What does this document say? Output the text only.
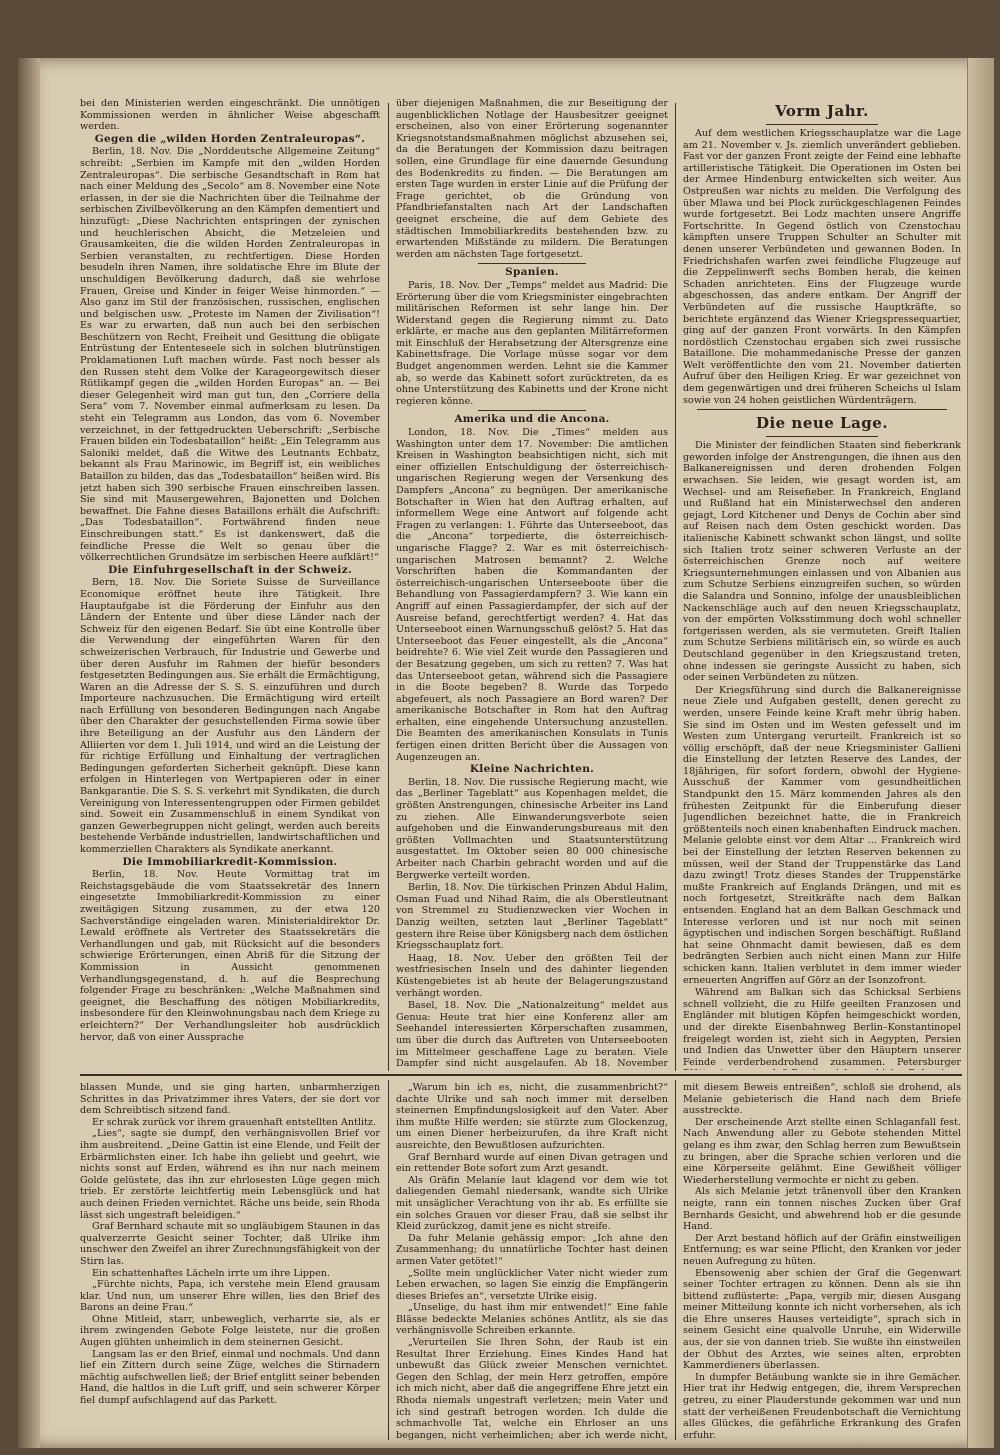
bei den Ministerien werden eingeschränkt. Die unnötigen Kommissionen werden in ähnlicher Weise abgeschafft werden.

Gegen die „wilden Horden Zentraleuropas“.

Berlin, 18. Nov. Die „Norddeutsche Allgemeine Zeitung“ schreibt: „Serbien im Kampfe mit den „wilden Horden Zentraleuropas“. Die serbische Gesandtschaft in Rom hat nach einer Meldung des „Secolo“ am 8. November eine Note erlassen, in der sie die Nachrichten über die Teilnahme der serbischen Zivilbevölkerung an den Kämpfen dementiert und hinzufügt: „Diese Nachrichten entspringen der zynischen und heuchlerischen Absicht, die Metzeleien und Grausamkeiten, die die wilden Horden Zentraleuropas in Serbien veranstalten, zu rechtfertigen. Diese Horden besudeln ihren Namen, ihre soldatische Ehre im Blute der unschuldigen Bevölkerung dadurch, daß sie wehrlose Frauen, Greise und Kinder in feiger Weise hinmorden.“ — Also ganz im Stil der französischen, russischen, englischen und belgischen usw. „Proteste im Namen der Zivilisation“! Es war zu erwarten, daß nun auch bei den serbischen Beschützern von Recht, Freiheit und Gesittung die obligate Entrüstung der Ententeseele sich in solchen blutrünstigen Proklamationen Luft machen würde. Fast noch besser als den Russen steht dem Volke der Karageorgewitsch dieser Rütlikampf gegen die „wilden Horden Europas“ an. — Bei dieser Gelegenheit wird man gut tun, den „Corriere della Sera“ vom 7. November einmal aufmerksam zu lesen. Da steht ein Telegramm aus London, das vom 6. November verzeichnet, in der fettgedruckten Ueberschrift: „Serbische Frauen bilden ein Todesbataillon“ heißt: „Ein Telegramm aus Saloniki meldet, daß die Witwe des Leutnants Echbatz, bekannt als Frau Marinowic, im Begriff ist, ein weibliches Bataillon zu bilden, das das „Todesbataillon“ heißen wird. Bis jetzt haben sich 390 serbische Frauen einschreiben lassen. Sie sind mit Mausergewehren, Bajonetten und Dolchen bewaffnet. Die Fahne dieses Bataillons erhält die Aufschrift: „Das Todesbataillon“. Fortwährend finden neue Einschreibungen statt.“ Es ist dankenswert, daß die feindliche Presse die Welt so genau über die völkerrechtlichen Grundsätze im serbischen Heere aufklärt!“

Die Einfuhrgesellschaft in der Schweiz.

Bern, 18. Nov. Die Soriete Suisse de Surveillance Economique eröffnet heute ihre Tätigkeit. Ihre Hauptaufgabe ist die Förderung der Einfuhr aus den Ländern der Entente und über diese Länder nach der Schweiz für den eigenen Bedarf. Sie übt eine Kontrolle über die Verwendung der eingeführten Waren für den schweizerischen Verbrauch, für Industrie und Gewerbe und über deren Ausfuhr im Rahmen der hiefür besonders festgesetzten Bedingungen aus. Sie erhält die Ermächtigung, Waren an die Adresse der S. S. S. einzuführen und durch Importeure nachzusuchen. Die Ermächtigung wird erteilt nach Erfüllung von besonderen Bedingungen nach Angabe über den Charakter der gesuchstellenden Firma sowie über ihre Beteiligung an der Ausfuhr aus den Ländern der Alliierten vor dem 1. Juli 1914, und wird an die Leistung der für richtige Erfüllung und Einhaltung der vertraglichen Bedingungen geforderten Sicherheit geknüpft. Diese kann erfolgen in Hinterlegen von Wertpapieren oder in einer Bankgarantie. Die S. S. S. verkehrt mit Syndikaten, die durch Vereinigung von Interessentengruppen oder Firmen gebildet sind. Soweit ein Zusammenschluß in einem Syndikat von ganzen Gewerbegruppen nicht gelingt, werden auch bereits bestehende Verbände industriellen, landwirtschaftlichen und kommerziellen Charakters als Syndikate anerkannt.

Die Immobiliarkredit-Kommission.

Berlin, 18. Nov. Heute Vormittag trat im Reichstagsgebäude die vom Staatssekretär des Innern eingesetzte Immobiliarkredit-Kommission zu einer zweitägigen Sitzung zusammen, zu der etwa 120 Sachverständige eingeladen waren. Ministerialdirektor Dr. Lewald eröffnete als Vertreter des Staatssekretärs die Verhandlungen und gab, mit Rücksicht auf die besonders schwierige Erörterungen, einen Abriß für die Sitzung der Kommission in Aussicht genommenen Verhandlungsgegenstand, d. h. auf die Besprechung folgender Frage zu beschränken: „Welche Maßnahmen sind geeignet, die Beschaffung des nötigen Mobiliarkredits, insbesondere für den Kleinwohnungsbau nach dem Kriege zu erleichtern?“ Der Verhandlungsleiter hob ausdrücklich hervor, daß von einer Aussprache

über diejenigen Maßnahmen, die zur Beseitigung der augenblicklichen Notlage der Hausbesitzer geeignet erscheinen, also von einer Erörterung sogenannter Kriegsnotstandsmaßnahmen möglichst abzusehen sei, da die Beratungen der Kommission dazu beitragen sollen, eine Grundlage für eine dauernde Gesundung des Bodenkredits zu finden. — Die Beratungen am ersten Tage wurden in erster Linie auf die Prüfung der Frage gerichtet, ob die Gründung von Pfandbriefanstalten nach Art der Landschaften geeignet erscheine, die auf dem Gebiete des städtischen Immobiliarkredits bestehenden bzw. zu erwartenden Mißstände zu mildern. Die Beratungen werden am nächsten Tage fortgesetzt.

Spanien.

Paris, 18. Nov. Der „Temps“ meldet aus Madrid: Die Erörterung über die vom Kriegsminister eingebrachten militärischen Reformen ist sehr lange hin. Der Widerstand gegen die Regierung nimmt zu. Dato erklärte, er mache aus den geplanten Militärreformen mit Einschluß der Herabsetzung der Altersgrenze eine Kabinettsfrage. Die Vorlage müsse sogar vor dem Budget angenommen werden. Lehnt sie die Kammer ab, so werde das Kabinett sofort zurücktreten, da es ohne Unterstützung des Kabinetts und der Krone nicht regieren könne.

Amerika und die Ancona.

London, 18. Nov. Die „Times“ melden aus Washington unter dem 17. November: Die amtlichen Kreisen in Washington beabsichtigen nicht, sich mit einer offiziellen Entschuldigung der österreichisch-ungarischen Regierung wegen der Versenkung des Dampfers „Ancona“ zu begnügen. Der amerikanische Botschafter in Wien hat den Auftrag erhalten, auf informellem Wege eine Antwort auf folgende acht Fragen zu verlangen: 1. Führte das Unterseeboot, das die „Ancona“ torpedierte, die österreichisch-ungarische Flagge? 2. War es mit österreichisch-ungarischen Matrosen bemannt? 2. Welche Vorschriften haben die Kommandanten der österreichisch-ungarischen Unterseeboote über die Behandlung von Passagierdampfern? 3. Wie kann ein Angriff auf einen Passagierdampfer, der sich auf der Ausreise befand, gerechtfertigt werden? 4. Hat das Unterseeboot einen Warnungsschuß gelöst? 5. Hat das Unterseeboot das Feuer eingestellt, als die „Ancona“ beidrehte? 6. Wie viel Zeit wurde den Passagieren und der Besatzung gegeben, um sich zu retten? 7. Was hat das Unterseeboot getan, während sich die Passagiere in die Boote begeben? 8. Wurde das Torpedo abgefeuert, als noch Passagiere an Bord waren? Der amerikanische Botschafter in Rom hat den Auftrag erhalten, eine eingehende Untersuchung anzustellen. Die Beamten des amerikanischen Konsulats in Tunis fertigen einen dritten Bericht über die Aussagen von Augenzeugen an.

Kleine Nachrichten.

Berlin, 18. Nov. Die russische Regierung macht, wie das „Berliner Tageblatt“ aus Kopenhagen meldet, die größten Anstrengungen, chinesische Arbeiter ins Land zu ziehen. Alle Einwanderungsverbote seien aufgehoben und die Einwanderungsbureaus mit den größten Vollmachten und Staatsunterstützung ausgestattet. Im Oktober seien 80 000 chinesische Arbeiter nach Charbin gebracht worden und auf die Bergwerke verteilt worden.

Berlin, 18. Nov. Die türkischen Prinzen Abdul Halim, Osman Fuad und Nihad Raim, die als Oberstleutnant von Stremmel zu Studienzwecken vier Wochen in Danzig weilten, setzten laut „Berliner Tageblatt“ gestern ihre Reise über Königsberg nach dem östlichen Kriegsschauplatz fort.

Haag, 18. Nov. Ueber den größten Teil der westfriesischen Inseln und des dahinter liegenden Küstengebietes ist ab heute der Belagerungszustand verhängt worden.

Basel, 18. Nov. Die „Nationalzeitung“ meldet aus Genua: Heute trat hier eine Konferenz aller am Seehandel interessierten Körperschaften zusammen, um über die durch das Auftreten von Unterseebooten im Mittelmeer geschaffene Lage zu beraten. Viele Dampfer sind nicht ausgelaufen. Ab 18. November

Vorm Jahr.

Auf dem westlichen Kriegsschauplatze war die Lage am 21. November v. Js. ziemlich unverändert geblieben. Fast vor der ganzen Front zeigte der Feind eine lebhafte artilleristische Tätigkeit. Die Operationen im Osten bei der Armee Hindenburg entwickelten sich weiter. Aus Ostpreußen war nichts zu melden. Die Verfolgung des über Mlawa und bei Plock zurückgeschlagenen Feindes wurde fortgesetzt. Bei Lodz machten unsere Angriffe Fortschritte. In Gegend östlich von Czenstochau kämpften unsere Truppen Schulter an Schulter mit denen unserer Verbündeten und gewannen Boden. In Friedrichshafen warfen zwei feindliche Flugzeuge auf die Zeppelinwerft sechs Bomben herab, die keinen Schaden anrichteten. Eins der Flugzeuge wurde abgeschossen, das andere entkam. Der Angriff der Verbündeten auf die russische Hauptkräfte, so berichtete ergänzend das Wiener Kriegspressequartier, ging auf der ganzen Front vorwärts. In den Kämpfen nordöstlich Czenstochau ergaben sich zwei russische Bataillone. Die mohammedanische Presse der ganzen Welt veröffentlichte den vom 21. November datierten Aufruf über den Heiligen Krieg. Er war gezeichnet von dem gegenwärtigen und drei früheren Scheichs ul Islam sowie von 24 hohen geistlichen Würdenträgern.

Die neue Lage.

Die Minister der feindlichen Staaten sind fieberkrank geworden infolge der Anstrengungen, die ihnen aus den Balkanereignissen und deren drohenden Folgen erwachsen. Sie leiden, wie gesagt worden ist, am Wechsel- und am Reisefieber. In Frankreich, England und Rußland hat ein Ministerwechsel den anderen gejagt, Lord Kitchener und Denys de Cochin aber sind auf Reisen nach dem Osten geschickt worden. Das italienische Kabinett schwankt schon längst, und sollte sich Italien trotz seiner schweren Verluste an der österreichischen Grenze noch auf weitere Kriegsunternehmungen einlassen und von Albanien aus zum Schutze Serbiens einzugreifen suchen, so würden die Salandra und Sonnino, infolge der unausbleiblichen Nackenschläge auch auf den neuen Kriegsschauplatz, von der empörten Volksstimmung doch wohl schneller fortgerissen werden, als sie vermuteten. Greift Italien zum Schutze Serbiens militärisch ein, so würde es auch Deutschland gegenüber in den Kriegszustand treten, ohne indessen sie geringste Aussicht zu haben, sich oder seinen Verbündeten zu nützen.

Der Kriegsführung sind durch die Balkanereignisse neue Ziele und Aufgaben gestellt, denen gerecht zu werden, unsere Feinde keine Kraft mehr übrig haben. Sie sind im Osten und im Westen gefesselt und im Westen zum Untergang verurteilt. Frankreich ist so völlig erschöpft, daß der neue Kriegsminister Gallieni die Einstellung der letzten Reserve des Landes, der 18jährigen, für sofort fordern, obwohl der Hygiene-Ausschuß der Kammer vom gesundheitlichen Standpunkt den 15. März kommenden Jahres als den frühesten Zeitpunkt für die Einberufung dieser Jugendlichen bezeichnet hatte, die in Frankreich größtenteils noch einen knabenhaften Eindruck machen. Melanie gelobte einst vor dem Altar ... Frankreich wird bei der Einstellung der letzten Reserven bekennen zu müssen, weil der Stand der Truppenstärke das Land dazu zwingt! Trotz dieses Standes der Truppenstärke mußte Frankreich auf Englands Drängen, und mit es noch fortgesetzt, Streitkräfte nach dem Balkan entsenden. England hat an dem Balkan Geschmack und Interesse verloren und ist nur noch mit seinen ägyptischen und indischen Sorgen beschäftigt. Rußland hat seine Ohnmacht damit bewiesen, daß es dem bedrängten Serbien auch nicht einen Mann zur Hilfe schicken kann. Italien verblutet in dem immer wieder erneuerten Angriffen auf Görz an der Isonzofront.

Während am Balkan sich das Schicksal Serbiens schnell vollzieht, die zu Hilfe geeilten Franzosen und Engländer mit blutigen Köpfen heimgeschickt worden, und der direkte Eisenbahnweg Berlin–Konstantinopel freigelegt worden ist, zieht sich in Aegypten, Persien und Indien das Unwetter über den Häuptern unserer Feinde verderbendrohend zusammen. Petersburger

blassen Munde, und sie ging harten, unbarmherzigen Schrittes in das Privatzimmer ihres Vaters, der sie dort vor dem Schreibtisch sitzend fand.

Er schrak zurück vor ihrem grauenhaft entstellten Antlitz.

„Lies“, sagte sie dumpf, den verhängnisvollen Brief vor ihm ausbreitend. „Deine Gattin ist eine Elende, und Feilt der Erbärmlichsten einer. Ich habe ihn geliebt und geehrt, wie nichts sonst auf Erden, während es ihn nur nach meinem Golde gelüstete, das ihn zur ehrlosesten Lüge gegen mich trieb. Er zerstörte leichtfertig mein Lebensglück und hat auch deinen Frieden vernichtet. Räche uns beide, sein Rhoda lässt sich ungestraft beleidigen.“

Graf Bernhard schaute mit so ungläubigem Staunen in das qualverzerrte Gesicht seiner Tochter, daß Ulrike ihm unschwer den Zweifel an ihrer Zurechnungsfähigkeit von der Stirn las.

Ein schattenhaftes Lächeln irrte um ihre Lippen.

„Fürchte nichts, Papa, ich verstehe mein Elend grausam klar. Und nun, um unserer Ehre willen, lies den Brief des Barons an deine Frau.“

Ohne Mitleid, starr, unbeweglich, verharrte sie, als er ihrem zwingenden Gebote Folge leistete, nur die großen Augen glühten unheimlich in dem steinernen Gesicht.

Langsam las er den Brief, einmal und nochmals. Und dann lief ein Zittern durch seine Züge, welches die Stirnadern mächtig aufschwellen ließ; der Brief entglitt seiner bebenden Hand, die haltlos in die Luft griff, und sein schwerer Körper fiel dumpf aufschlagend auf das Parkett.

„Warum bin ich es, nicht, die zusammenbricht?“ dachte Ulrike und sah noch immer mit derselben steinernen Empfindungslosigkeit auf den Vater. Aber ihm mußte Hilfe werden; sie stürzte zum Glockenzug, um einen Diener herbeizurufen, da ihre Kraft nicht ausreichte, den Bewußtlosen aufzurichten.

Graf Bernhard wurde auf einen Divan getragen und ein rettender Bote sofort zum Arzt gesandt.

Als Gräfin Melanie laut klagend vor dem wie tot daliegenden Gemahl niedersank, wandte sich Ulrike mit unsäglicher Verachtung von ihr ab. Es erfüllte sie ein solches Grauen vor dieser Frau, daß sie selbst ihr Kleid zurückzog, damit jene es nicht streife.

Da fuhr Melanie gehässig empor: „Ich ahne den Zusammenhang; du unnatürliche Tochter hast deinen armen Vater getötet!“

„Sollte mein unglücklicher Vater nicht wieder zum Leben erwachen, so lagen Sie einzig die Empfängerin dieses Briefes an“, versetzte Ulrike eisig.

„Unselige, du hast ihm mir entwendet!“ Eine fahle Blässe bedeckte Melanies schönes Antlitz, als sie das verhängnisvolle Schreiben erkannte.

„Verurteilen Sie Ihren Sohn, der Raub ist ein Resultat Ihrer Erziehung. Eines Kindes Hand hat unbewußt das Glück zweier Menschen vernichtet. Gegen den Schlag, der mein Herz getroffen, empöre ich mich nicht, aber daß die angegriffene Ehre jetzt ein Rhoda niemals ungestraft verletzen; mein Vater und ich sind gestraft betrogen worden. Ich dulde die schmachvolle Tat, welche ein Ehrloser an uns begangen, nicht verheimlichen; aber ich werde nicht,

mit diesem Beweis entreißen“, schloß sie drohend, als Melanie gebieterisch die Hand nach dem Briefe ausstreckte.

Der erscheinende Arzt stellte einen Schlaganfall fest. Nach Anwendung aller zu Gebote stehenden Mittel gelang es ihm zwar, den Schlag herren zum Bewußtsein zu bringen, aber die Sprache schien verloren und die eine Körperseite gelähmt. Eine Gewißheit völliger Wiederherstellung vermochte er nicht zu geben.

Als sich Melanie jetzt tränenvoll über den Kranken neigte, rann ein tonnen nisches Zucken über Graf Bernhards Gesicht, und abwehrend hob er die gesunde Hand.

Der Arzt bestand höflich auf der Gräfin einstweiligen Entfernung; es war seine Pflicht, den Kranken vor jeder neuen Aufregung zu hüten.

Ebensowenig aber schien der Graf die Gegenwart seiner Tochter ertragen zu können. Denn als sie ihn bittend zuflüsterte: „Papa, vergib mir, diesen Ausgang meiner Mitteilung konnte ich nicht vorhersehen, als ich die Ehre unseres Hauses verteidigte“, sprach sich in seinem Gesicht eine qualvolle Unruhe, ein Widerwille aus, der sie von dannen trieb. Sie wußte ihn einstweilen der Obhut des Arztes, wie seines alten, erprobten Kammerdieners überlassen.

In dumpfer Betäubung wankte sie in ihre Gemächer. Hier trat ihr Hedwig entgegen, die, ihrem Versprechen getreu, zu einer Plauderstunde gekommen war und nun statt der verheißenen Freudenbotschaft die Vernichtung alles Glückes, die gefährliche Erkrankung des Grafen erfuhr.
